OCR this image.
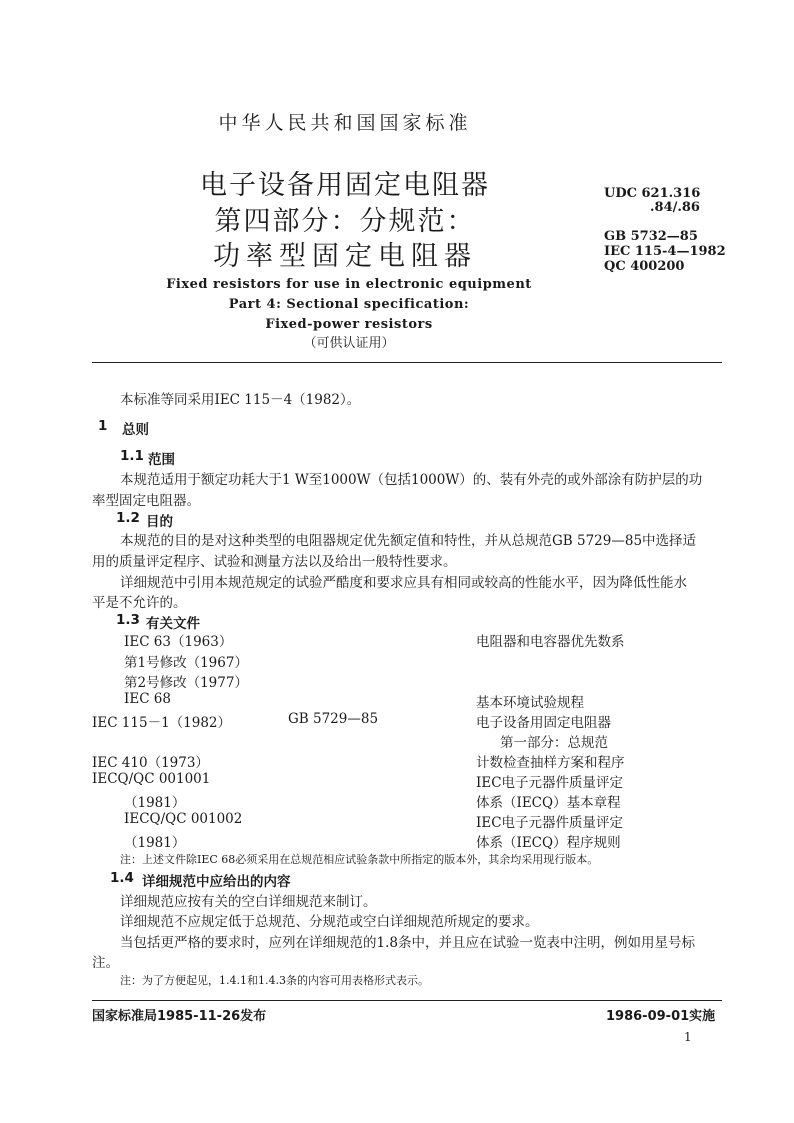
中华人民共和国国家标准
电子设备用固定电阻器
第四部分：分规范：
功率型固定电阻器
UDC 621.316
.84/.86
GB 5732—85
IEC 115-4—1982
QC 400200
Fixed resistors for use in electronic equipment
Part 4: Sectional specification:
Fixed-power resistors
（可供认证用）
本标准等同采用IEC 115－4（1982）。
1 总则
1.1 范围
本规范适用于额定功耗大于1 W至1000W（包括1000W）的、装有外壳的或外部涂有防护层的功
率型固定电阻器。
1.2 目的
本规范的目的是对这种类型的电阻器规定优先额定值和特性，并从总规范GB 5729—85中选择适
用的质量评定程序、试验和测量方法以及给出一般特性要求。
详细规范中引用本规范规定的试验严酷度和要求应具有相同或较高的性能水平，因为降低性能水
平是不允许的。
1.3 有关文件
IEC 63（1963）	电阻器和电容器优先数系
第1号修改（1967）
第2号修改（1977）
IEC 68	基本环境试验规程
IEC 115－1（1982）	GB 5729—85	电子设备用固定电阻器
第一部分：总规范
IEC 410（1973）	计数检查抽样方案和程序
IECQ/QC 001001	IEC电子元器件质量评定
（1981）	体系（IECQ）基本章程
IECQ/QC 001002	IEC电子元器件质量评定
（1981）	体系（IECQ）程序规则
注：上述文件除IEC 68必须采用在总规范相应试验条款中所指定的版本外，其余均采用现行版本。
1.4 详细规范中应给出的内容
详细规范应按有关的空白详细规范来制订。
详细规范不应规定低于总规范、分规范或空白详细规范所规定的要求。
当包括更严格的要求时，应列在详细规范的1.8条中，并且应在试验一览表中注明，例如用星号标
注。
注：为了方便起见，1.4.1和1.4.3条的内容可用表格形式表示。
国家标准局1985-11-26发布	1986-09-01实施
1
